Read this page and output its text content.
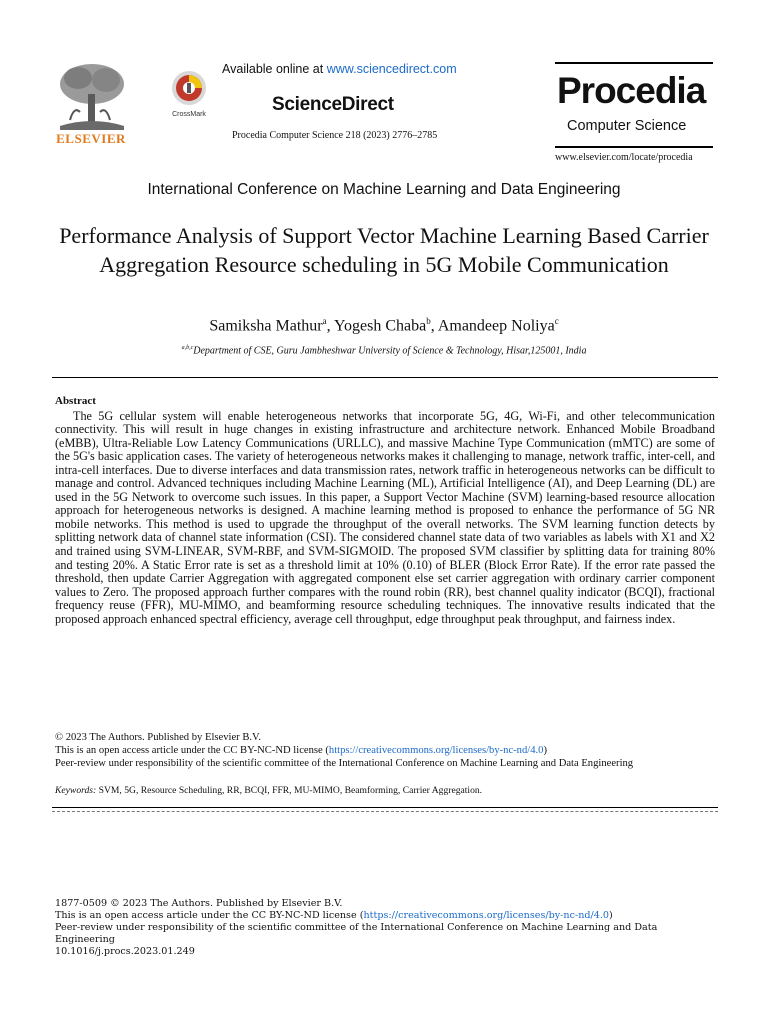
ELSEVIER
CrossMark
Available online at www.sciencedirect.com
ScienceDirect
Procedia Computer Science 218 (2023) 2776–2785
Procedia
Computer Science
www.elsevier.com/locate/procedia
International Conference on Machine Learning and Data Engineering
Performance Analysis of Support Vector Machine Learning Based Carrier Aggregation Resource scheduling in 5G Mobile Communication
Samiksha Mathur$^a$, Yogesh Chaba$^b$, Amandeep Noliya$^c$
$^{a,b,c}$Department of CSE, Guru Jambheshwar University of Science & Technology, Hisar,125001, India
Abstract

The 5G cellular system will enable heterogeneous networks that incorporate 5G, 4G, Wi-Fi, and other telecommunication connectivity. This will result in huge changes in existing infrastructure and architecture network. Enhanced Mobile Broadband (eMBB), Ultra-Reliable Low Latency Communications (URLLC), and massive Machine Type Communication (mMTC) are some of the 5G's basic application cases. The variety of heterogeneous networks makes it challenging to manage, network traffic, inter-cell, and intra-cell interfaces. Due to diverse interfaces and data transmission rates, network traffic in heterogeneous networks can be difficult to manage and control. Advanced techniques including Machine Learning (ML), Artificial Intelligence (AI), and Deep Learning (DL) are used in the 5G Network to overcome such issues. In this paper, a Support Vector Machine (SVM) learning-based resource allocation approach for heterogeneous networks is designed. A machine learning method is proposed to enhance the performance of 5G NR mobile networks. This method is used to upgrade the throughput of the overall networks. The SVM learning function detects by splitting network data of channel state information (CSI). The considered channel state data of two variables as labels with X1 and X2 and trained using SVM-LINEAR, SVM-RBF, and SVM-SIGMOID. The proposed SVM classifier by splitting data for training 80% and testing 20%. A Static Error rate is set as a threshold limit at 10% (0.10) of BLER (Block Error Rate). If the error rate passed the threshold, then update Carrier Aggregation with aggregated component else set carrier aggregation with ordinary carrier component values to Zero. The proposed approach further compares with the round robin (RR), best channel quality indicator (BCQI), fractional frequency reuse (FFR), MU-MIMO, and beamforming resource scheduling techniques. The innovative results indicated that the proposed approach enhanced spectral efficiency, average cell throughput, edge throughput peak throughput, and fairness index.

© 2023 The Authors. Published by Elsevier B.V.
This is an open access article under the CC BY-NC-ND license (https://creativecommons.org/licenses/by-nc-nd/4.0)
Peer-review under responsibility of the scientific committee of the International Conference on Machine Learning and Data Engineering
Keywords: SVM, 5G, Resource Scheduling, RR, BCQI, FFR, MU-MIMO, Beamforming, Carrier Aggregation.
1877-0509 © 2023 The Authors. Published by Elsevier B.V.
This is an open access article under the CC BY-NC-ND license (https://creativecommons.org/licenses/by-nc-nd/4.0)
Peer-review under responsibility of the scientific committee of the International Conference on Machine Learning and Data Engineering
10.1016/j.procs.2023.01.249
